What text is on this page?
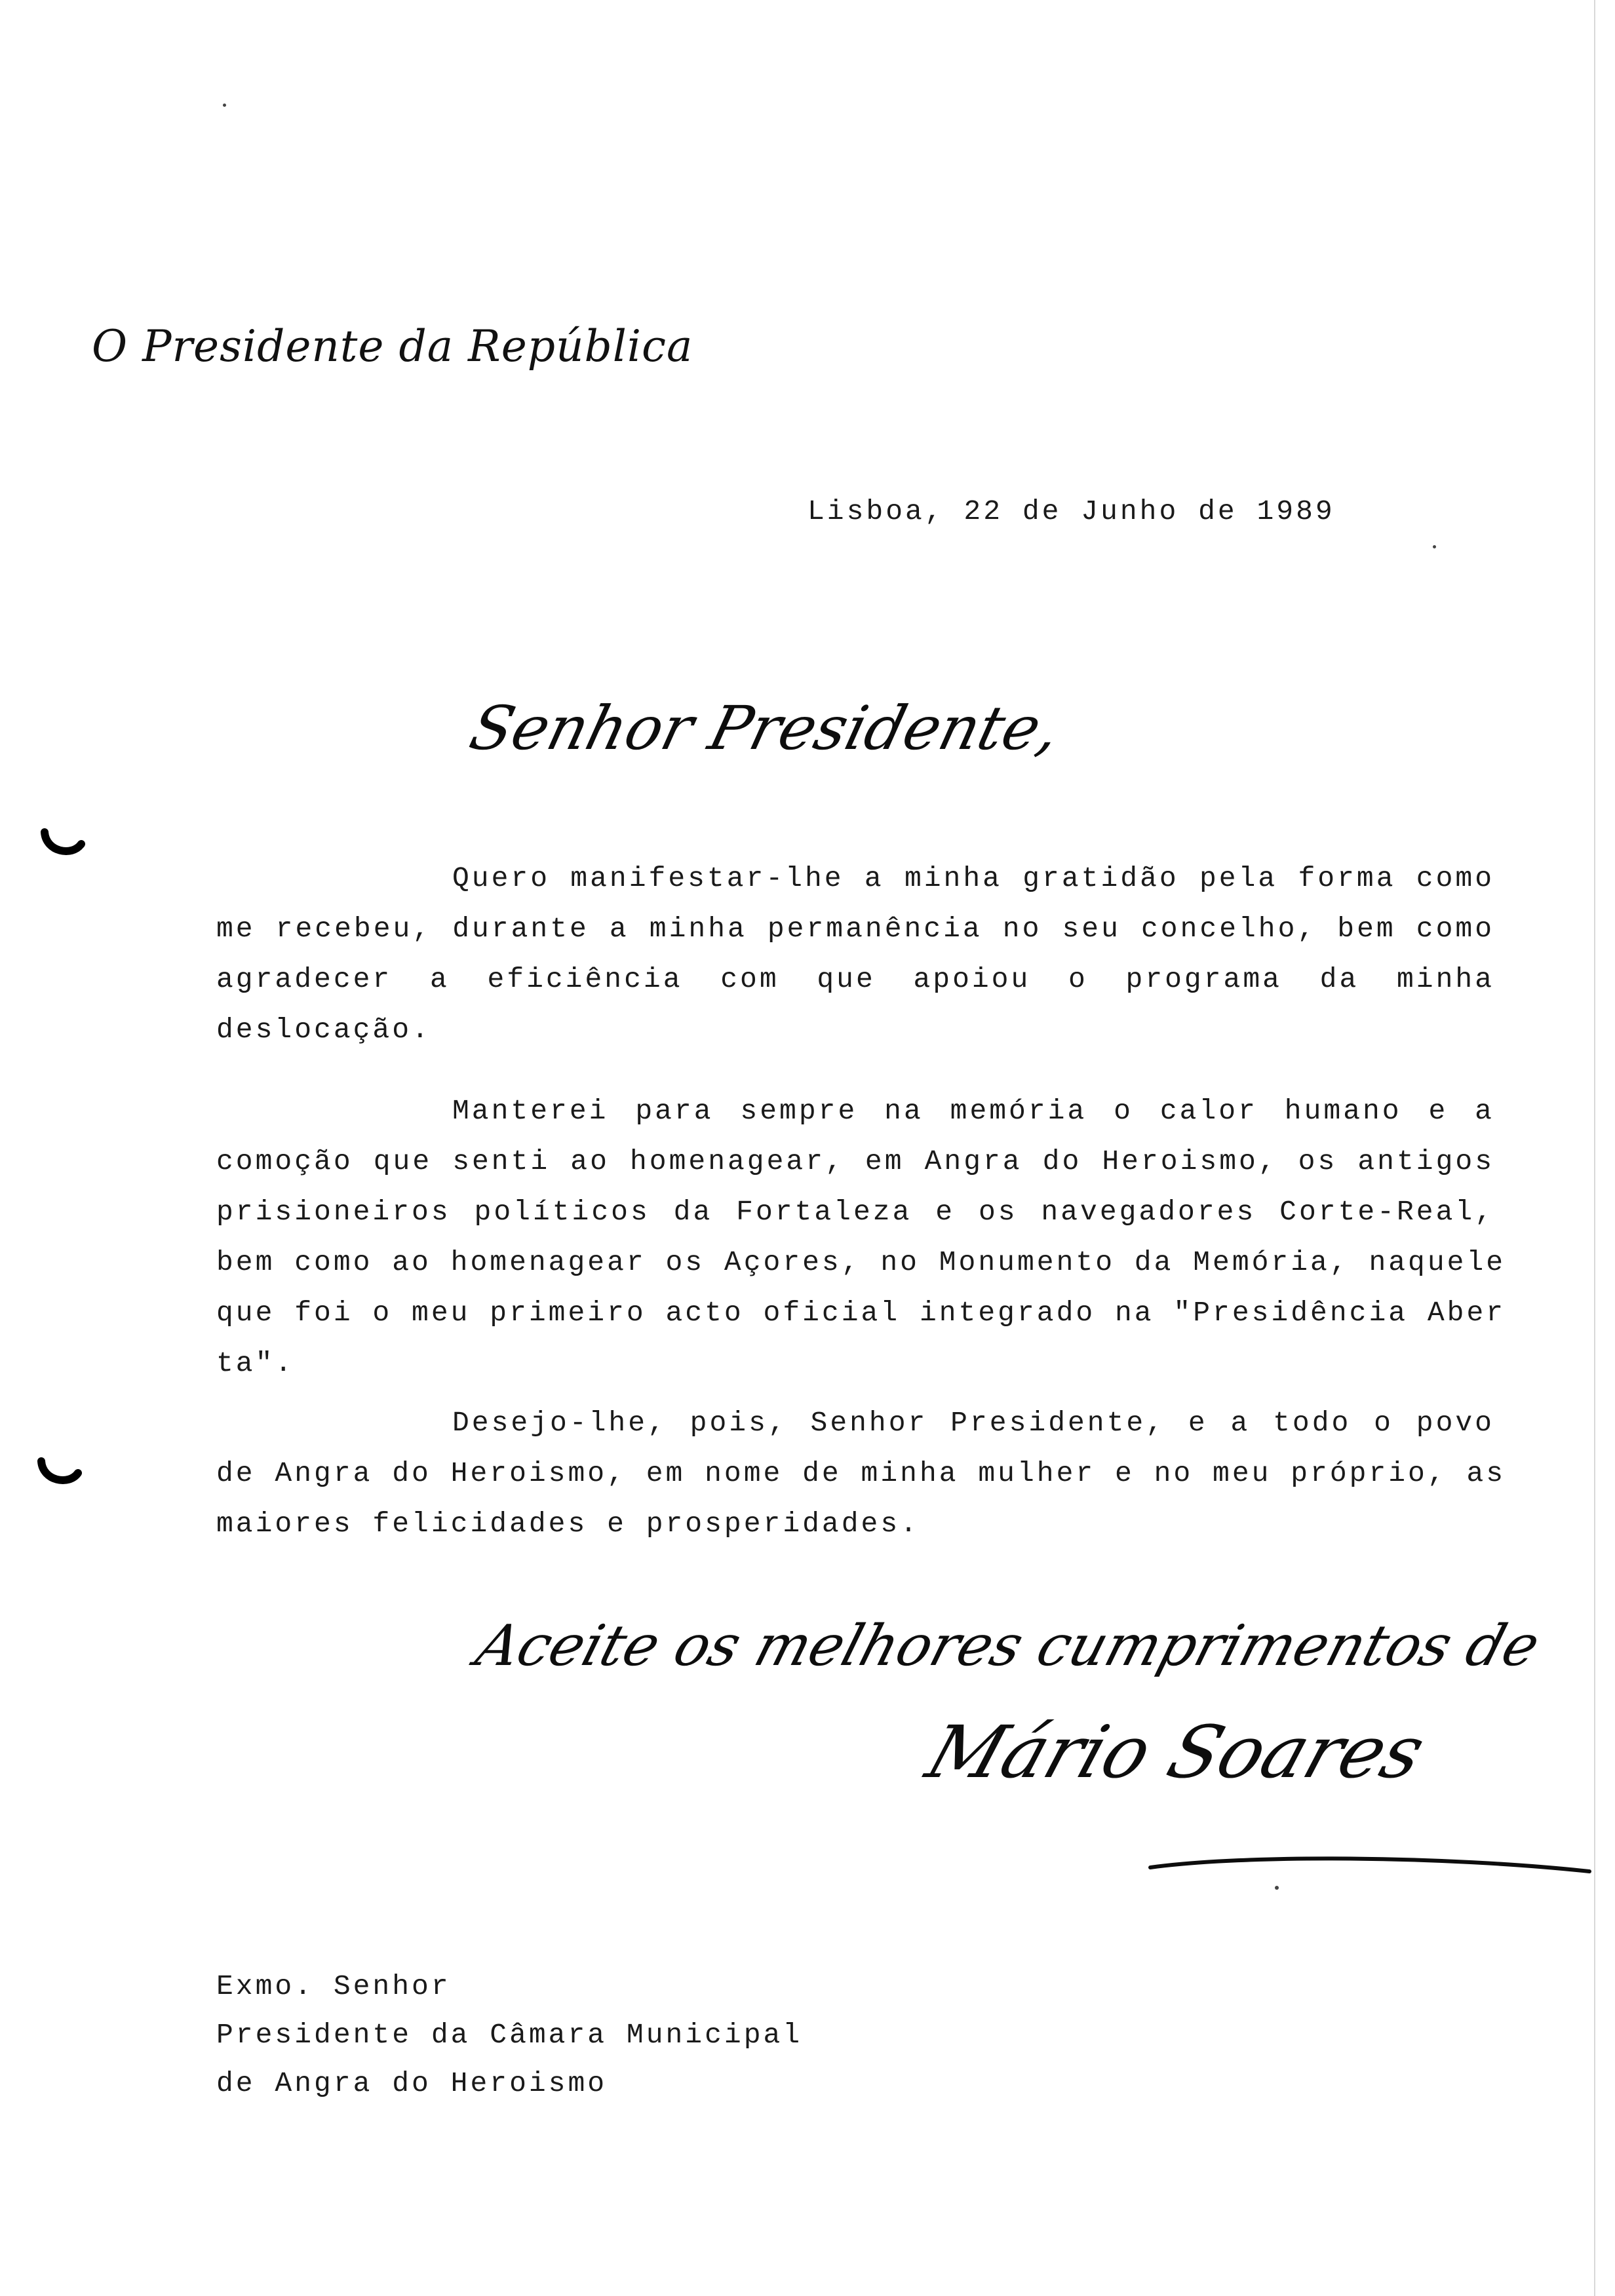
O Presidente da República
Lisboa, 22 de Junho de 1989
Senhor Presidente,
Quero manifestar-lhe a minha gratidão pela forma como
me recebeu, durante a minha permanência no seu concelho, bem como
agradecer a eficiência com que apoiou o programa da minha
deslocação.
Manterei para sempre na memória o calor humano e a
comoção que senti ao homenagear, em Angra do Heroismo, os antigos
prisioneiros políticos da Fortaleza e os navegadores Corte-Real,
bem como ao homenagear os Açores, no Monumento da Memória, naquele
que foi o meu primeiro acto oficial integrado na "Presidência Aber
ta".
Desejo-lhe, pois, Senhor Presidente, e a todo o povo
de Angra do Heroismo, em nome de minha mulher e no meu próprio, as
maiores felicidades e prosperidades.
Aceite os melhores cumprimentos de
Mário Soares
Exmo. Senhor
Presidente da Câmara Municipal
de Angra do Heroismo
